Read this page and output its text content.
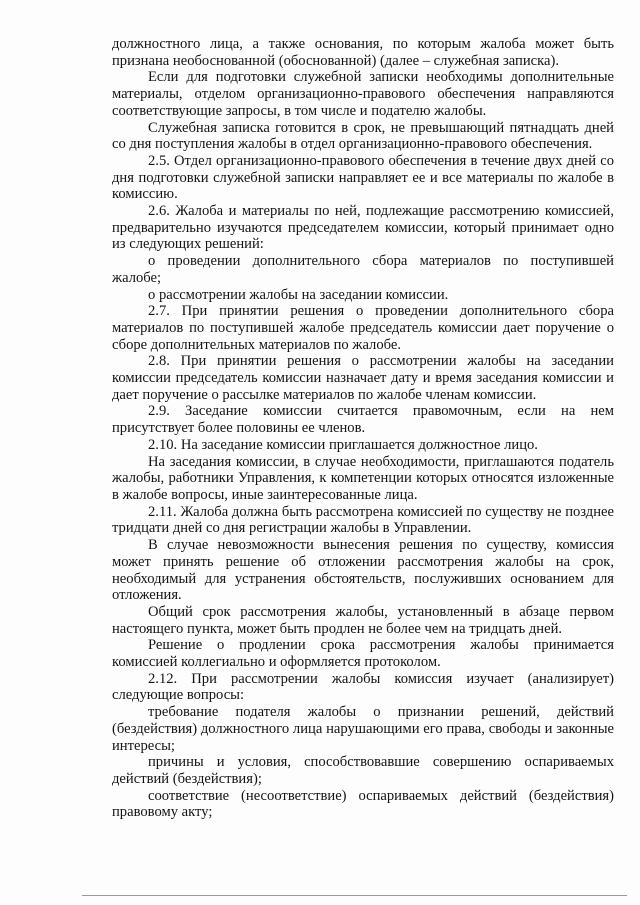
должностного лица, а также основания, по которым жалоба может быть признана необоснованной (обоснованной) (далее – служебная записка).

Если для подготовки служебной записки необходимы дополнительные материалы, отделом организационно-правового обеспечения направляются соответствующие запросы, в том числе и подателю жалобы.

Служебная записка готовится в срок, не превышающий пятнадцать дней со дня поступления жалобы в отдел организационно-правового обеспечения.

2.5. Отдел организационно-правового обеспечения в течение двух дней со дня подготовки служебной записки направляет ее и все материалы по жалобе в комиссию.

2.6. Жалоба и материалы по ней, подлежащие рассмотрению комиссией, предварительно изучаются председателем комиссии, который принимает одно из следующих решений:

о проведении дополнительного сбора материалов по поступившей жалобе;

о рассмотрении жалобы на заседании комиссии.

2.7. При принятии решения о проведении дополнительного сбора материалов по поступившей жалобе председатель комиссии дает поручение о сборе дополнительных материалов по жалобе.

2.8. При принятии решения о рассмотрении жалобы на заседании комиссии председатель комиссии назначает дату и время заседания комиссии и дает поручение о рассылке материалов по жалобе членам комиссии.

2.9. Заседание комиссии считается правомочным, если на нем присутствует более половины ее членов.

2.10. На заседание комиссии приглашается должностное лицо.

На заседания комиссии, в случае необходимости, приглашаются податель жалобы, работники Управления, к компетенции которых относятся изложенные в жалобе вопросы, иные заинтересованные лица.

2.11. Жалоба должна быть рассмотрена комиссией по существу не позднее тридцати дней со дня регистрации жалобы в Управлении.

В случае невозможности вынесения решения по существу, комиссия может принять решение об отложении рассмотрения жалобы на срок, необходимый для устранения обстоятельств, послуживших основанием для отложения.

Общий срок рассмотрения жалобы, установленный в абзаце первом настоящего пункта, может быть продлен не более чем на тридцать дней.

Решение о продлении срока рассмотрения жалобы принимается комиссией коллегиально и оформляется протоколом.

2.12. При рассмотрении жалобы комиссия изучает (анализирует) следующие вопросы:

требование подателя жалобы о признании решений, действий (бездействия) должностного лица нарушающими его права, свободы и законные интересы;

причины и условия, способствовавшие совершению оспариваемых действий (бездействия);

соответствие (несоответствие) оспариваемых действий (бездействия) правовому акту;
